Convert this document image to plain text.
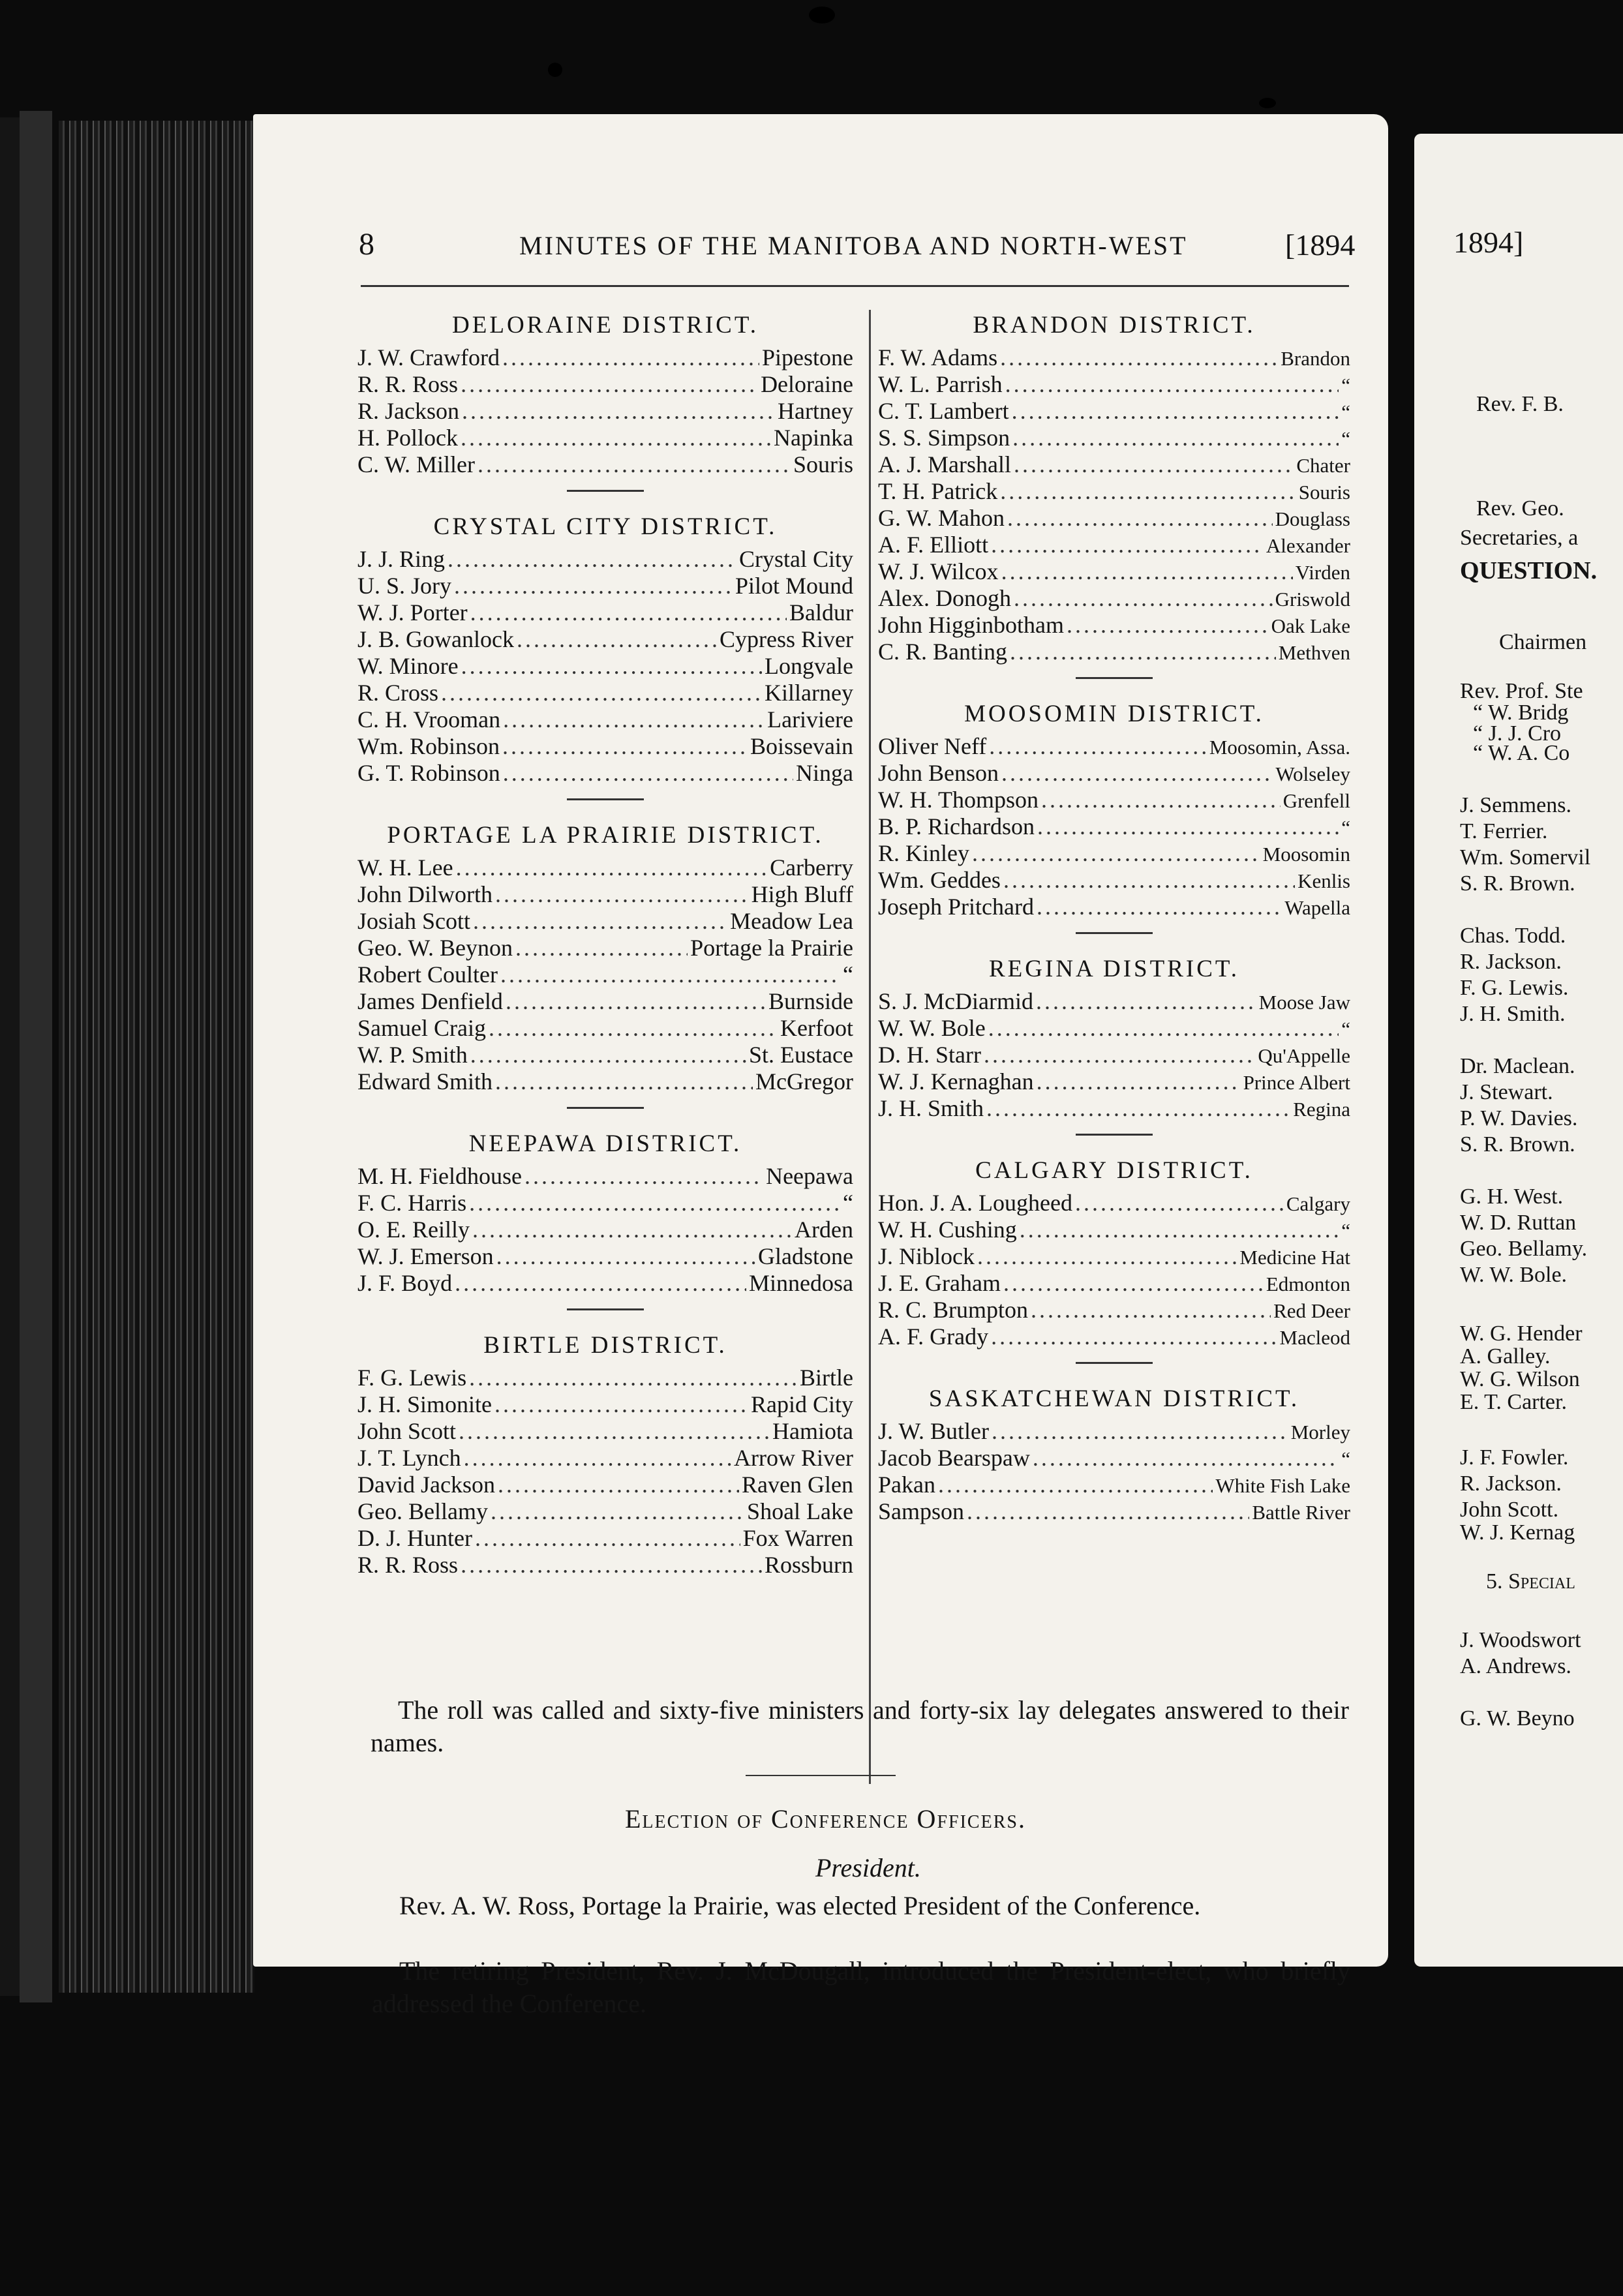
8	MINUTES OF THE MANITOBA AND NORTH-WEST	[1894
DELORAINE DISTRICT.
J. W. Crawford .....	Pipestone
R. R. Ross .....	Deloraine
R. Jackson .....	Hartney
H. Pollock .....	Napinka
C. W. Miller .....	Souris
CRYSTAL CITY DISTRICT.
J. J. Ring .....	Crystal City
U. S. Jory .....	Pilot Mound
W. J. Porter .....	Baldur
J. B. Gowanlock .....	Cypress River
W. Minore .....	Longvale
R. Cross .....	Killarney
C. H. Vrooman .....	Lariviere
Wm. Robinson .....	Boissevain
G. T. Robinson .....	Ninga
PORTAGE LA PRAIRIE DISTRICT.
W. H. Lee .....	Carberry
John Dilworth .....	High Bluff
Josiah Scott .....	Meadow Lea
Geo. W. Beynon .....	Portage la Prairie
Robert Coulter .....	“
James Denfield .....	Burnside
Samuel Craig .....	Kerfoot
W. P. Smith .....	St. Eustace
Edward Smith .....	McGregor
NEEPAWA DISTRICT.
M. H. Fieldhouse .....	Neepawa
F. C. Harris .....	“
O. E. Reilly .....	Arden
W. J. Emerson .....	Gladstone
J. F. Boyd .....	Minnedosa
BIRTLE DISTRICT.
F. G. Lewis .....	Birtle
J. H. Simonite .....	Rapid City
John Scott .....	Hamiota
J. T. Lynch .....	Arrow River
David Jackson .....	Raven Glen
Geo. Bellamy .....	Shoal Lake
D. J. Hunter .....	Fox Warren
R. R. Ross .....	Rossburn
BRANDON DISTRICT.
F. W. Adams .....	Brandon
W. L. Parrish .....	“
C. T. Lambert .....	“
S. S. Simpson .....	“
A. J. Marshall .....	Chater
T. H. Patrick .....	Souris
G. W. Mahon .....	Douglass
A. F. Elliott .....	Alexander
W. J. Wilcox .....	Virden
Alex. Donogh .....	Griswold
John Higginbotham .....	Oak Lake
C. R. Banting .....	Methven
MOOSOMIN DISTRICT.
Oliver Neff .....	Moosomin, Assa.
John Benson .....	Wolseley
W. H. Thompson .....	Grenfell
B. P. Richardson .....	“
R. Kinley .....	Moosomin
Wm. Geddes .....	Kenlis
Joseph Pritchard .....	Wapella
REGINA DISTRICT.
S. J. McDiarmid .....	Moose Jaw
W. W. Bole .....	“
D. H. Starr .....	Qu'Appelle
W. J. Kernaghan .....	Prince Albert
J. H. Smith .....	Regina
CALGARY DISTRICT.
Hon. J. A. Lougheed .....	Calgary
W. H. Cushing .....	“
J. Niblock .....	Medicine Hat
J. E. Graham .....	Edmonton
R. C. Brumpton .....	Red Deer
A. F. Grady .....	Macleod
SASKATCHEWAN DISTRICT.
J. W. Butler .....	Morley
Jacob Bearspaw .....	“
Pakan .....	White Fish Lake
Sampson .....	Battle River
The roll was called and sixty-five ministers and forty-six lay delegates answered to their names.
Election of Conference Officers.
President.
Rev. A. W. Ross, Portage la Prairie, was elected President of the Conference.
The retiring President, Rev. J. McDougall, introduced the President-elect, who briefly addressed the Conference.
1894]
Rev. F. B.
Rev. Geo.
Secretaries, a
QUESTION.
Chairmen
Rev. Prof. Ste
“ W. Bridg
“ J. J. Cro
“ W. A. Co
J. Semmens.
T. Ferrier.
Wm. Somervil
S. R. Brown.
Chas. Todd.
R. Jackson.
F. G. Lewis.
J. H. Smith.
Dr. Maclean.
J. Stewart.
P. W. Davies.
S. R. Brown.
G. H. West.
W. D. Ruttan
Geo. Bellamy.
W. W. Bole.
W. G. Hender
A. Galley.
W. G. Wilson
E. T. Carter.
J. F. Fowler.
R. Jackson.
John Scott.
W. J. Kernag
5. Special
J. Woodswort
A. Andrews.
G. W. Beyno
